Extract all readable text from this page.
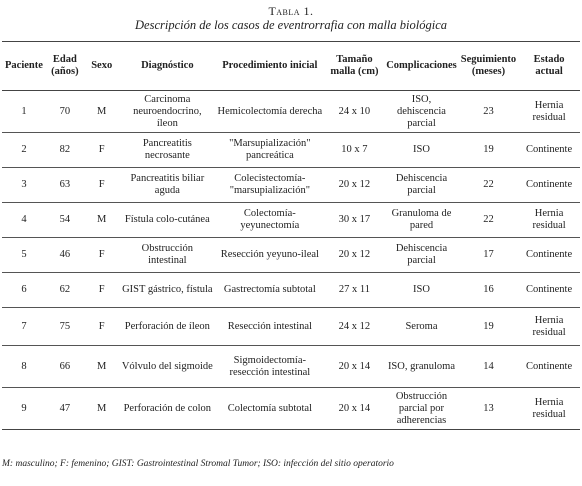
Tabla 1.
Descripción de los casos de eventrorrafia con malla biológica
Paciente	Edad (años)	Sexo	Diagnóstico	Procedimiento inicial	Tamaño malla (cm)	Complicaciones	Seguimiento (meses)	Estado actual
1	70	M	Carcinoma neuroendocrino, íleon	Hemicolectomía derecha	24 x 10	ISO, dehiscencia parcial	23	Hernia residual
2	82	F	Pancreatitis necrosante	"Marsupialización" pancreática	10 x 7	ISO	19	Continente
3	63	F	Pancreatitis biliar aguda	Colecistectomía-"marsupialización"	20 x 12	Dehiscencia parcial	22	Continente
4	54	M	Fístula colo-cutánea	Colectomía-yeyunectomía	30 x 17	Granuloma de pared	22	Hernia residual
5	46	F	Obstrucción intestinal	Resección yeyuno-ileal	20 x 12	Dehiscencia parcial	17	Continente
6	62	F	GIST gástrico, fístula	Gastrectomía subtotal	27 x 11	ISO	16	Continente
7	75	F	Perforación de íleon	Resección intestinal	24 x 12	Seroma	19	Hernia residual
8	66	M	Vólvulo del sigmoide	Sigmoidectomía-resección intestinal	20 x 14	ISO, granuloma	14	Continente
9	47	M	Perforación de colon	Colectomía subtotal	20 x 14	Obstrucción parcial por adherencias	13	Hernia residual
M: masculino; F: femenino; GIST: Gastrointestinal Stromal Tumor; ISO: infección del sitio operatorio
